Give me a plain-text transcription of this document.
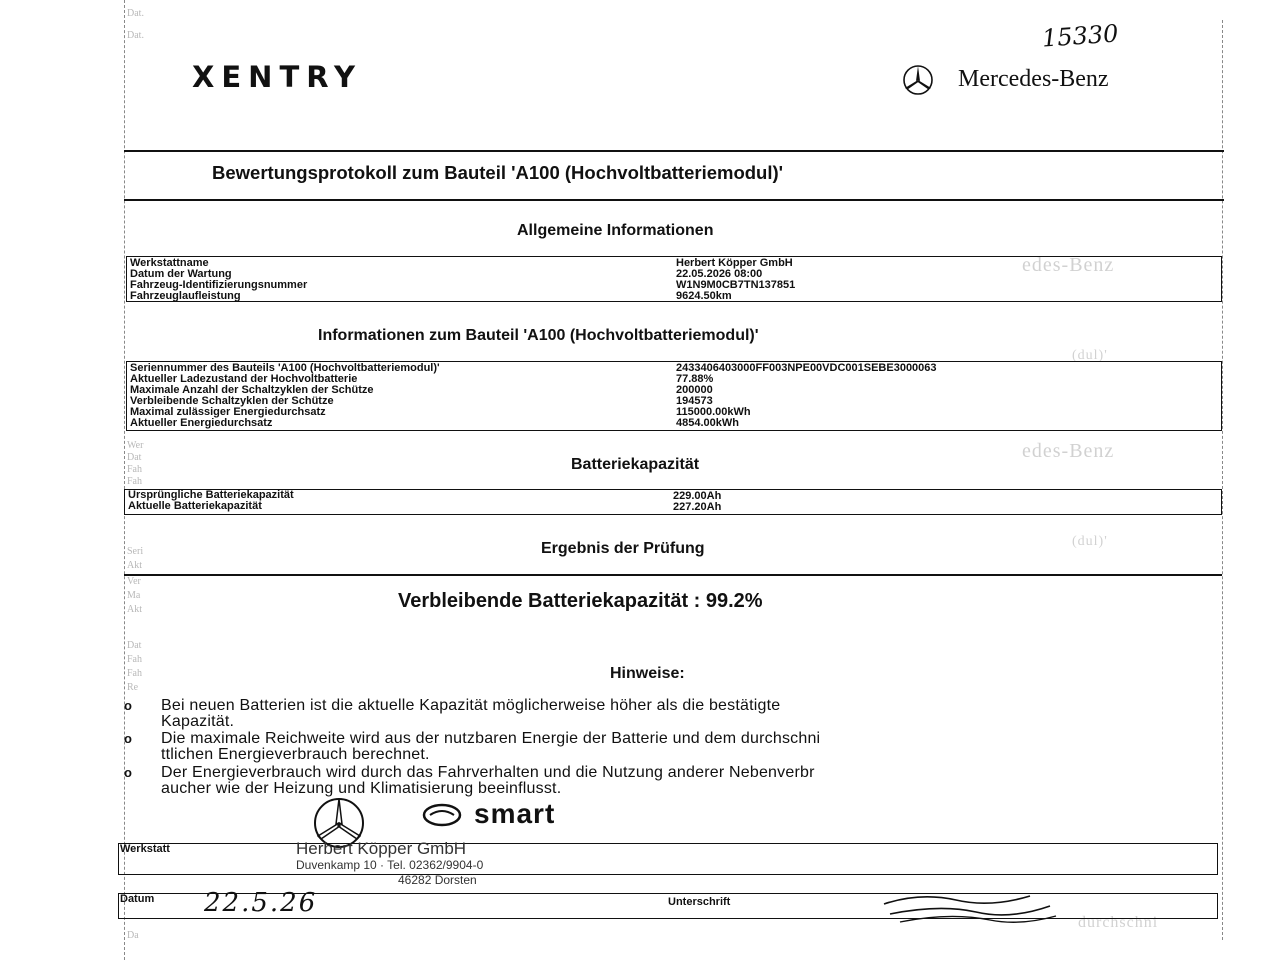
Dat.
Dat.
Wer
Dat
Fah
Fah
Seri
Akt
Ver
Ma
Akt
Dat
Fah
Fah
Re
Da
edes-Benz
edes-Benz
(dul)'
(dul)'
durchschni
15330
XENTRY	Mercedes-Benz
Bewertungsprotokoll zum Bauteil 'A100 (Hochvoltbatteriemodul)'
Allgemeine Informationen
Werkstattname	Herbert Köpper GmbH
Datum der Wartung	22.05.2026 08:00
Fahrzeug-Identifizierungsnummer	W1N9M0CB7TN137851
Fahrzeuglaufleistung	9624.50km
Informationen zum Bauteil 'A100 (Hochvoltbatteriemodul)'
Seriennummer des Bauteils 'A100 (Hochvoltbatteriemodul)'	2433406403000FF003NPE00VDC001SEBE3000063
Aktueller Ladezustand der Hochvoltbatterie	77.88%
Maximale Anzahl der Schaltzyklen der Schütze	200000
Verbleibende Schaltzyklen der Schütze	194573
Maximal zulässiger Energiedurchsatz	115000.00kWh
Aktueller Energiedurchsatz	4854.00kWh
Batteriekapazität
Ursprüngliche Batteriekapazität	229.00Ah
Aktuelle Batteriekapazität	227.20Ah
Ergebnis der Prüfung
Verbleibende Batteriekapazität : 99.2%
Hinweise:
o Bei neuen Batterien ist die aktuelle Kapazität möglicherweise höher als die bestätigte
Kapazität.
o Die maximale Reichweite wird aus der nutzbaren Energie der Batterie und dem durchschni
ttlichen Energieverbrauch berechnet.
o Der Energieverbrauch wird durch das Fahrverhalten und die Nutzung anderer Nebenverbr
aucher wie der Heizung und Klimatisierung beeinflusst.
smart
Werkstatt	Herbert Köpper GmbH
Duvenkamp 10 · Tel. 02362/9904-0
46282 Dorsten
Datum 22.5.26	Unterschrift
